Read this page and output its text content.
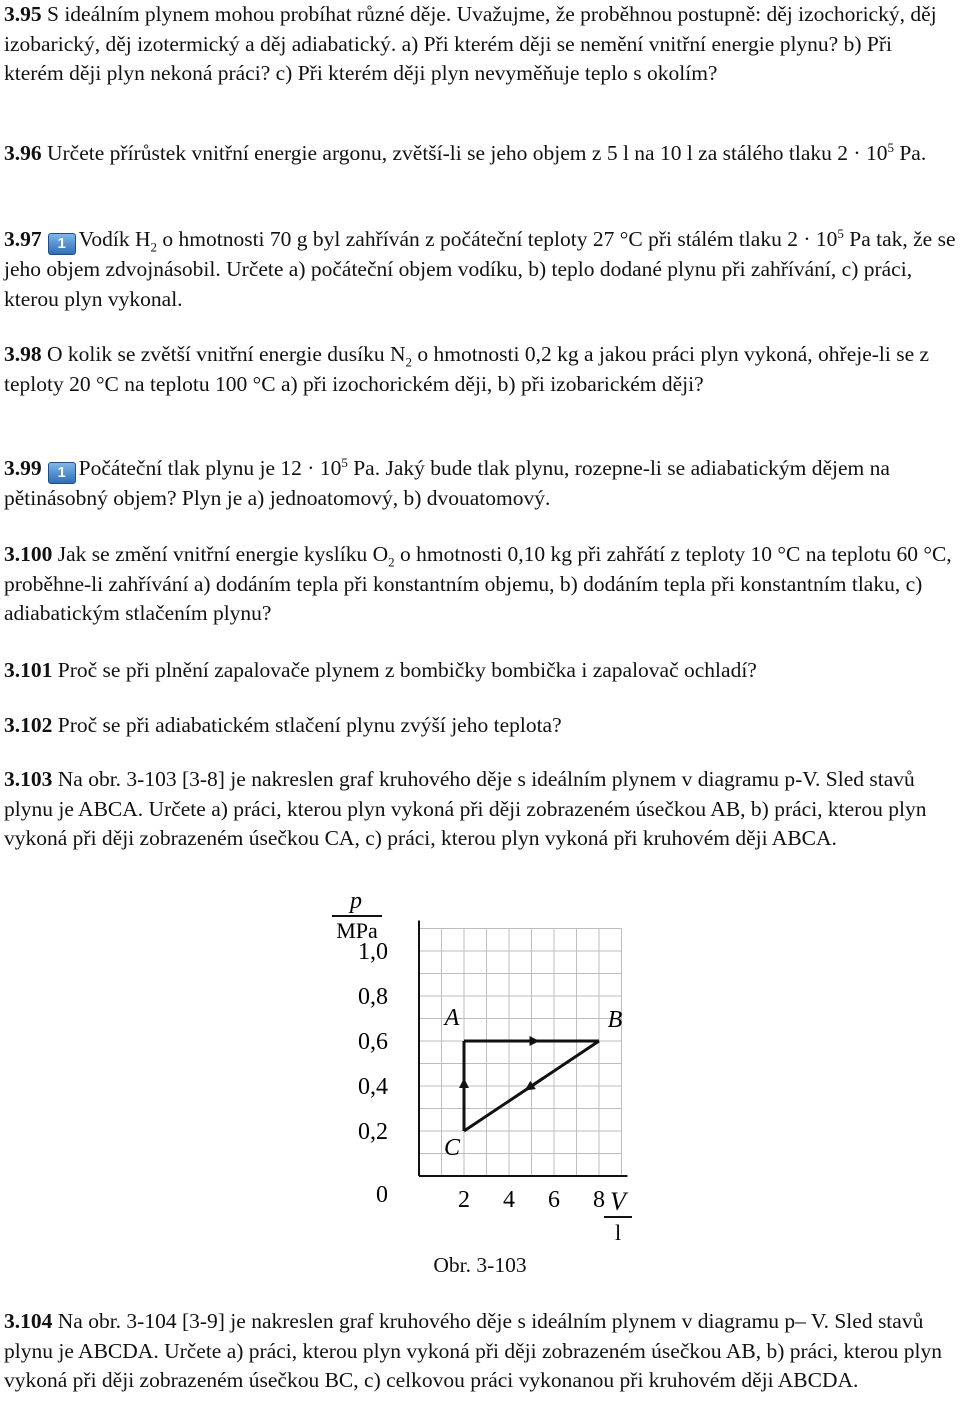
3.95 S ideálním plynem mohou probíhat různé děje. Uvažujme, že proběhnou postupně: děj izochorický, děj izobarický, děj izotermický a děj adiabatický. a) Při kterém ději se nemění vnitřní energie plynu? b) Při kterém ději plyn nekoná práci? c) Při kterém ději plyn nevyměňuje teplo s okolím?
3.96 Určete přírůstek vnitřní energie argonu, zvětší-li se jeho objem z 5 l na 10 l za stálého tlaku $2 \cdot 10^5$ Pa.
3.97 1 Vodík $H_2$ o hmotnosti 70 g byl zahříván z počáteční teploty 27 °C při stálém tlaku $2 \cdot 10^5$ Pa tak, že se jeho objem zdvojnásobil. Určete a) počáteční objem vodíku, b) teplo dodané plynu při zahřívání, c) práci, kterou plyn vykonal.
3.98 O kolik se zvětší vnitřní energie dusíku $N_2$ o hmotnosti 0,2 kg a jakou práci plyn vykoná, ohřeje-li se z teploty 20 °C na teplotu 100 °C a) při izochorickém ději, b) při izobarickém ději?
3.99 1 Počáteční tlak plynu je $12 \cdot 10^5$ Pa. Jaký bude tlak plynu, rozepne-li se adiabatickým dějem na pětinásobný objem? Plyn je a) jednoatomový, b) dvouatomový.
3.100 Jak se změní vnitřní energie kyslíku $O_2$ o hmotnosti 0,10 kg při zahřátí z teploty 10 °C na teplotu 60 °C, proběhne-li zahřívání a) dodáním tepla při konstantním objemu, b) dodáním tepla při konstantním tlaku, c) adiabatickým stlačením plynu?
3.101 Proč se při plnění zapalovače plynem z bombičky bombička i zapalovač ochladí?
3.102 Proč se při adiabatickém stlačení plynu zvýší jeho teplota?
3.103 Na obr. 3-103 [3-8] je nakreslen graf kruhového děje s ideálním plynem v diagramu p-V. Sled stavů plynu je ABCA. Určete a) práci, kterou plyn vykoná při ději zobrazeném úsečkou AB, b) práci, kterou plyn vykoná při ději zobrazeném úsečkou CA, c) práci, kterou plyn vykoná při kruhovém ději ABCA.
1,0
0,8
0,6
0,4
0,2
2 4 6 8
0
A	B
C
p
MPa
V
l
Obr. 3-103
3.104 Na obr. 3-104 [3-9] je nakreslen graf kruhového děje s ideálním plynem v diagramu p– V. Sled stavů plynu je ABCDA. Určete a) práci, kterou plyn vykoná při ději zobrazeném úsečkou AB, b) práci, kterou plyn vykoná při ději zobrazeném úsečkou BC, c) celkovou práci vykonanou při kruhovém ději ABCDA.
